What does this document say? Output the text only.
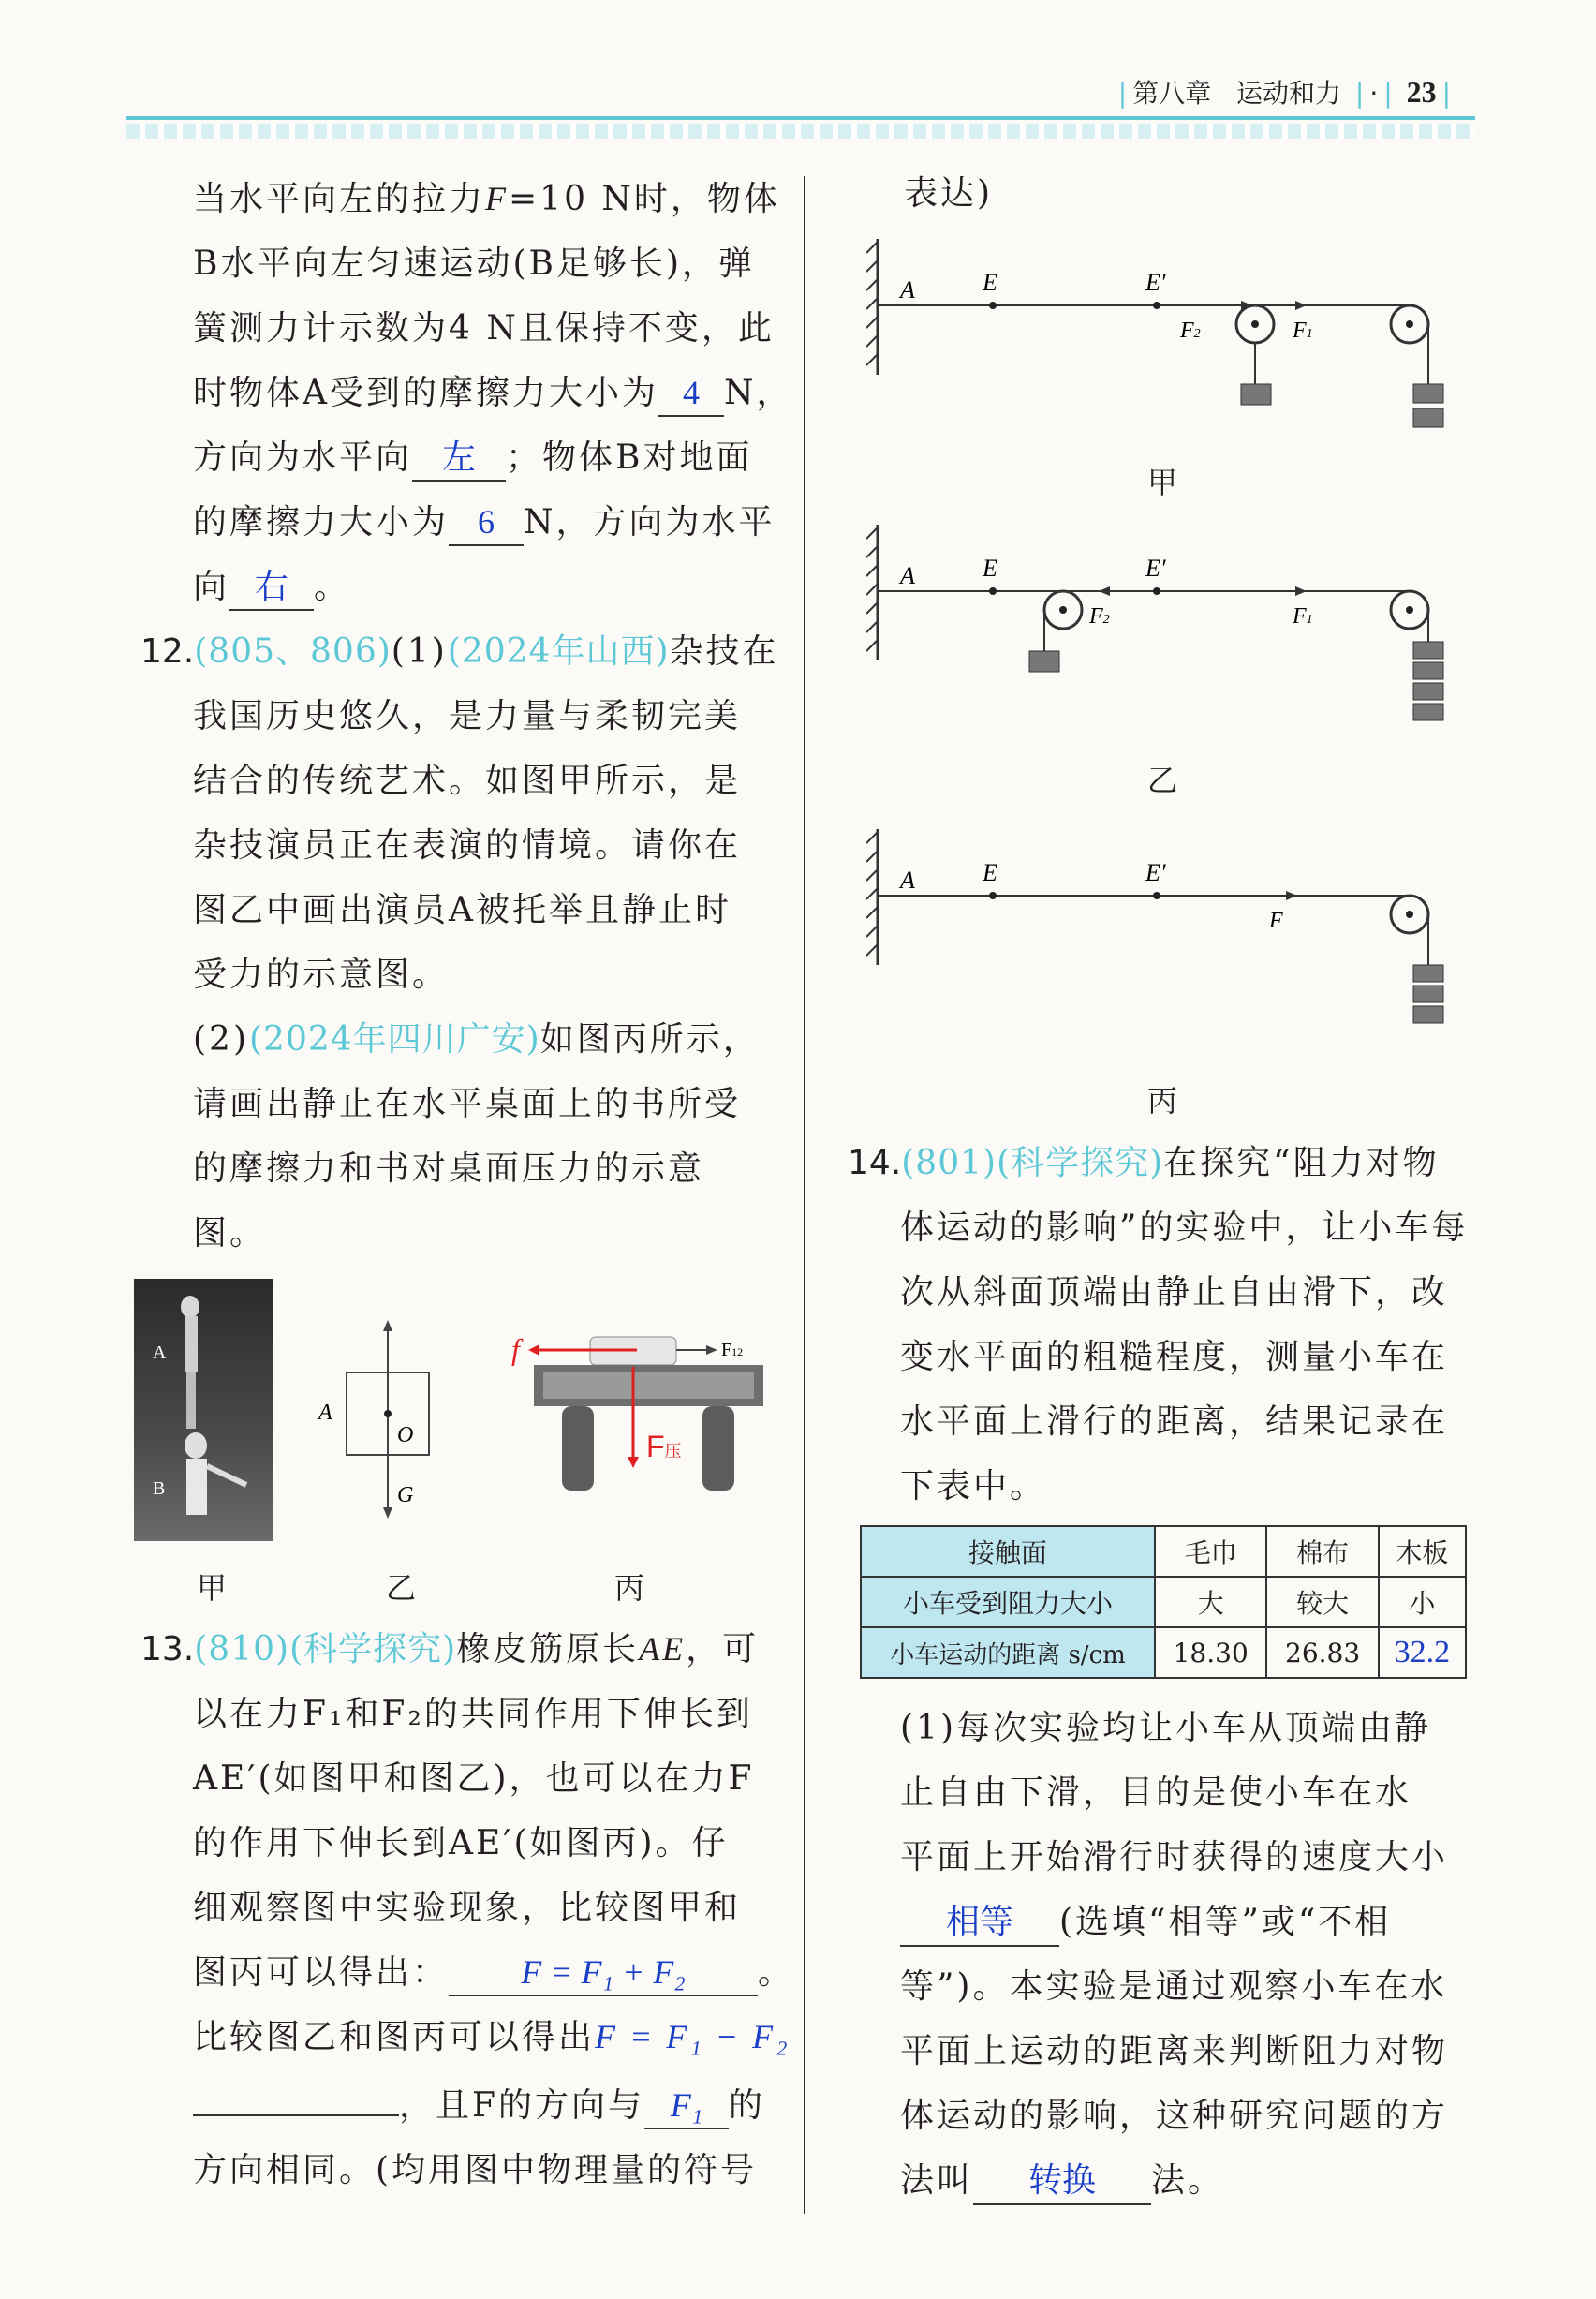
| 第八章 运动和力 | · | 23 |
当水平向左的拉力F=10 N时，物体
B水平向左匀速运动(B足够长)，弹
簧测力计示数为4 N且保持不变，此
时物体A受到的摩擦力大小为 4 N，
方向为水平向 左 ；物体B对地面
的摩擦力大小为 6 N，方向为水平
向 右 。
12.(805、806)(1)(2024年山西)杂技在
我国历史悠久，是力量与柔韧完美
结合的传统艺术。如图甲所示，是
杂技演员正在表演的情境。请你在
图乙中画出演员A被托举且静止时
受力的示意图。
(2)(2024年四川广安)如图丙所示，
请画出静止在水平桌面上的书所受
的摩擦力和书对桌面压力的示意
图。
A
B
A
O
G
f	F12
F压
甲	乙	丙
13.(810)(科学探究)橡皮筋原长AE，可
以在力F₁和F₂的共同作用下伸长到
AE′(如图甲和图乙)，也可以在力F
的作用下伸长到AE′(如图丙)。仔
细观察图中实验现象，比较图甲和
图丙可以得出： F = F₁ + F₂ 。
比较图乙和图丙可以得出F = F₁ − F₂
，且F的方向与 F₁ 的
方向相同。(均用图中物理量的符号
表达)
A	E	E′
F2	F1
甲
A	E	E′
F2	F1
乙
A	E	E′
F
丙
14.(801)(科学探究)在探究“阻力对物
体运动的影响”的实验中，让小车每
次从斜面顶端由静止自由滑下，改
变水平面的粗糙程度，测量小车在
水平面上滑行的距离，结果记录在
下表中。
接触面	毛巾	棉布	木板
小车受到阻力大小	大	较大	小
小车运动的距离 s/cm	18.30	26.83	32.2
(1)每次实验均让小车从顶端由静
止自由下滑，目的是使小车在水
平面上开始滑行时获得的速度大小
相等 (选填“相等”或“不相
等”)。本实验是通过观察小车在水
平面上运动的距离来判断阻力对物
体运动的影响，这种研究问题的方
法叫 转换 法。
